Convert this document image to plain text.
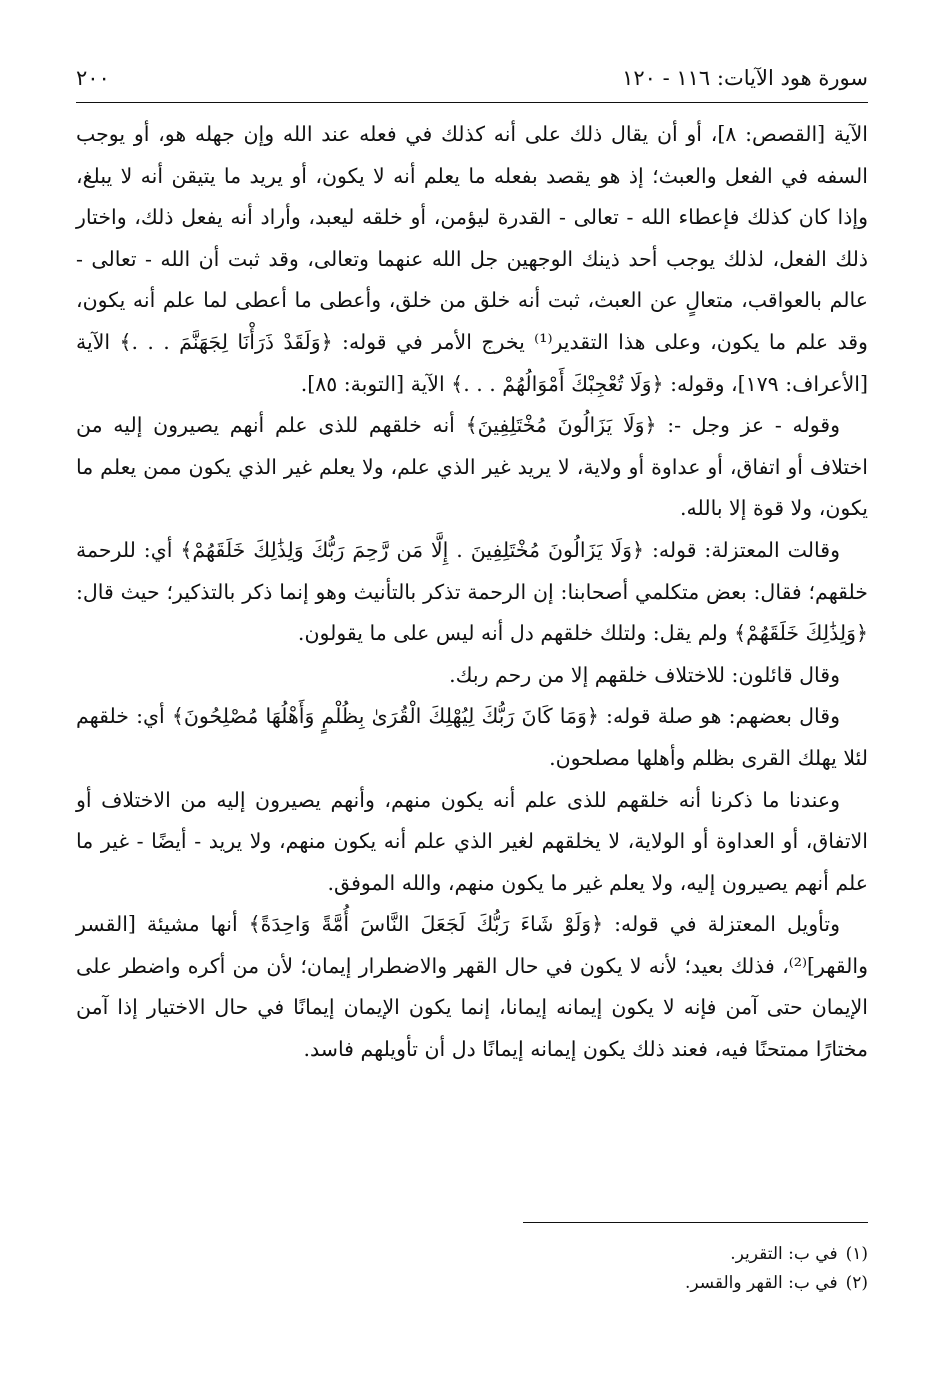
سورة هود الآيات: ١١٦ - ١٢٠
٢٠٠

الآية [القصص: ٨]، أو أن يقال ذلك على أنه كذلك في فعله عند الله وإن جهله هو، أو يوجب السفه في الفعل والعبث؛ إذ هو يقصد بفعله ما يعلم أنه لا يكون، أو يريد ما يتيقن أنه لا يبلغ، وإذا كان كذلك فإعطاء الله - تعالى - القدرة ليؤمن، أو خلقه ليعبد، وأراد أنه يفعل ذلك، واختار ذلك الفعل، لذلك يوجب أحد ذينك الوجهين جل الله عنهما وتعالى، وقد ثبت أن الله - تعالى - عالم بالعواقب، متعالٍ عن العبث، ثبت أنه خلق من خلق، وأعطى ما أعطى لما علم أنه يكون، وقد علم ما يكون، وعلى هذا التقدير⁽¹⁾ يخرج الأمر في قوله: ﴿وَلَقَدْ ذَرَأْنَا لِجَهَنَّمَ . . .﴾ الآية [الأعراف: ١٧٩]، وقوله: ﴿وَلَا تُعْجِبْكَ أَمْوَالُهُمْ . . .﴾ الآية [التوبة: ٨٥].

وقوله - عز وجل -: ﴿وَلَا يَزَالُونَ مُخْتَلِفِينَ﴾ أنه خلقهم للذى علم أنهم يصيرون إليه من اختلاف أو اتفاق، أو عداوة أو ولاية، لا يريد غير الذي علم، ولا يعلم غير الذي يكون ممن يعلم ما يكون، ولا قوة إلا بالله.

وقالت المعتزلة: قوله: ﴿وَلَا يَزَالُونَ مُخْتَلِفِينَ . إِلَّا مَن رَّحِمَ رَبُّكَ وَلِذَٰلِكَ خَلَقَهُمْ﴾ أي: للرحمة خلقهم؛ فقال: بعض متكلمي أصحابنا: إن الرحمة تذكر بالتأنيث وهو إنما ذكر بالتذكير؛ حيث قال: ﴿وَلِذَٰلِكَ خَلَقَهُمْ﴾ ولم يقل: ولتلك خلقهم دل أنه ليس على ما يقولون.

وقال قائلون: للاختلاف خلقهم إلا من رحم ربك.

وقال بعضهم: هو صلة قوله: ﴿وَمَا كَانَ رَبُّكَ لِيُهْلِكَ الْقُرَىٰ بِظُلْمٍ وَأَهْلُهَا مُصْلِحُونَ﴾ أي: خلقهم لئلا يهلك القرى بظلم وأهلها مصلحون.

وعندنا ما ذكرنا أنه خلقهم للذى علم أنه يكون منهم، وأنهم يصيرون إليه من الاختلاف أو الاتفاق، أو العداوة أو الولاية، لا يخلقهم لغير الذي علم أنه يكون منهم، ولا يريد - أيضًا - غير ما علم أنهم يصيرون إليه، ولا يعلم غير ما يكون منهم، والله الموفق.

وتأويل المعتزلة في قوله: ﴿وَلَوْ شَاءَ رَبُّكَ لَجَعَلَ النَّاسَ أُمَّةً وَاحِدَةً﴾ أنها مشيئة [القسر والقهر]⁽²⁾، فذلك بعيد؛ لأنه لا يكون في حال القهر والاضطرار إيمان؛ لأن من أكره واضطر على الإيمان حتى آمن فإنه لا يكون إيمانه إيمانا، إنما يكون الإيمان إيمانًا في حال الاختيار إذا آمن مختارًا ممتحنًا فيه، فعند ذلك يكون إيمانه إيمانًا دل أن تأويلهم فاسد.

(١)في ب: التقرير.

(٢)في ب: القهر والقسر.
